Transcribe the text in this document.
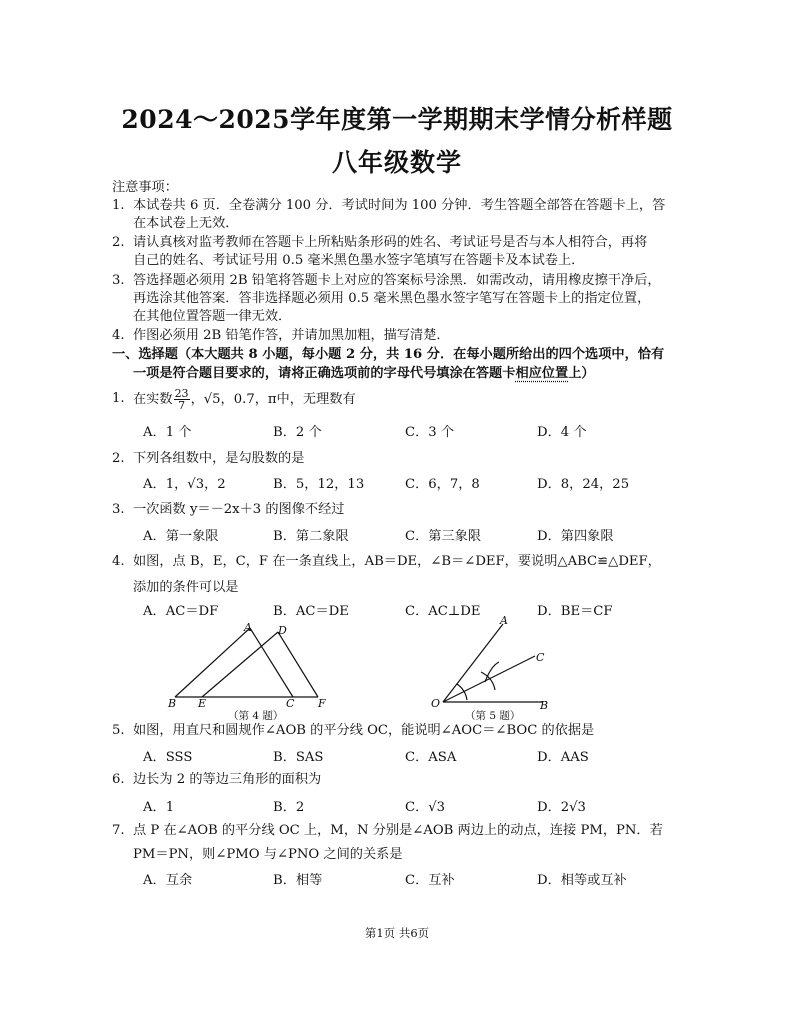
2024～2025学年度第一学期期末学情分析样题
八年级数学
注意事项：
1. 本试卷共 6 页．全卷满分 100 分．考试时间为 100 分钟．考生答题全部答在答题卡上，答
在本试卷上无效．
2. 请认真核对监考教师在答题卡上所粘贴条形码的姓名、考试证号是否与本人相符合，再将
自己的姓名、考试证号用 0.5 毫米黑色墨水签字笔填写在答题卡及本试卷上．
3. 答选择题必须用 2B 铅笔将答题卡上对应的答案标号涂黑．如需改动，请用橡皮擦干净后，
再选涂其他答案．答非选择题必须用 0.5 毫米黑色墨水签字笔写在答题卡上的指定位置，
在其他位置答题一律无效．
4. 作图必须用 2B 铅笔作答，并请加黑加粗，描写清楚．
一、选择题（本大题共 8 小题，每小题 2 分，共 16 分．在每小题所给出的四个选项中，恰有
一项是符合题目要求的，请将正确选项前的字母代号填涂在答题卡相应位置上）
1. 在实数 $\frac{23}{7}$ ，√5，0.7，π中，无理数有
A．1 个	B．2 个	C．3 个	D．4 个
2. 下列各组数中，是勾股数的是
A．1，√3，2	B．5，12，13	C．6，7，8	D．8，24，25
3. 一次函数 y＝－2x＋3 的图像不经过
A．第一象限	B．第二象限	C．第三象限	D．第四象限
4. 如图，点 B，E，C，F 在一条直线上，AB＝DE，∠B＝∠DEF，要说明△ABC≌△DEF，
添加的条件可以是
A．AC＝DF	B．AC＝DE	C．AC⊥DE	D．BE＝CF
A D
B E	C F
（第 4 题）
A
C
O	B
（第 5 题）
5. 如图，用直尺和圆规作∠AOB 的平分线 OC，能说明∠AOC＝∠BOC 的依据是
A．SSS	B．SAS	C．ASA	D．AAS
6. 边长为 2 的等边三角形的面积为
A．1	B．2	C．√3	D．2√3
7. 点 P 在∠AOB 的平分线 OC 上，M，N 分别是∠AOB 两边上的动点，连接 PM，PN．若
PM＝PN，则∠PMO 与∠PNO 之间的关系是
A．互余	B．相等	C．互补	D．相等或互补
第1页 共6页
